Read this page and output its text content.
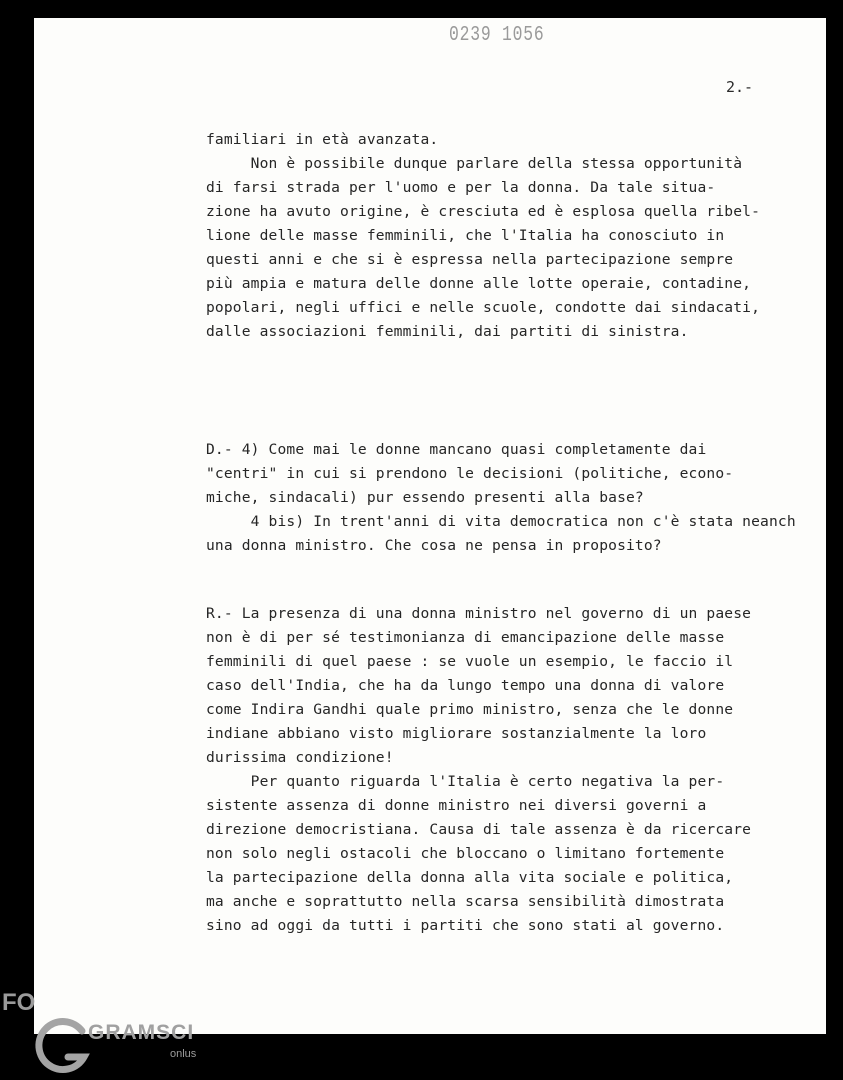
0239 1056
2.-
familiari in età avanzata.
Non è possibile dunque parlare della stessa opportunità
di farsi strada per l'uomo e per la donna. Da tale situa-
zione ha avuto origine, è cresciuta ed è esplosa quella ribel-
lione delle masse femminili, che l'Italia ha conosciuto in
questi anni e che si è espressa nella partecipazione sempre
più ampia e matura delle donne alle lotte operaie, contadine,
popolari, negli uffici e nelle scuole, condotte dai sindacati,
dalle associazioni femminili, dai partiti di sinistra.
D.- 4) Come mai le donne mancano quasi completamente dai
"centri" in cui si prendono le decisioni (politiche, econo-
miche, sindacali) pur essendo presenti alla base?
4 bis) In trent'anni di vita democratica non c'è stata neanch
una donna ministro. Che cosa ne pensa in proposito?
R.- La presenza di una donna ministro nel governo di un paese
non è di per sé testimonianza di emancipazione delle masse
femminili di quel paese : se vuole un esempio, le faccio il
caso dell'India, che ha da lungo tempo una donna di valore
come Indira Gandhi quale primo ministro, senza che le donne
indiane abbiano visto migliorare sostanzialmente la loro
durissima condizione!
Per quanto riguarda l'Italia è certo negativa la per-
sistente assenza di donne ministro nei diversi governi a
direzione democristiana. Causa di tale assenza è da ricercare
non solo negli ostacoli che bloccano o limitano fortemente
la partecipazione della donna alla vita sociale e politica,
ma anche e soprattutto nella scarsa sensibilità dimostrata
sino ad oggi da tutti i partiti che sono stati al governo.
FO
GRAMSCI
onlus
